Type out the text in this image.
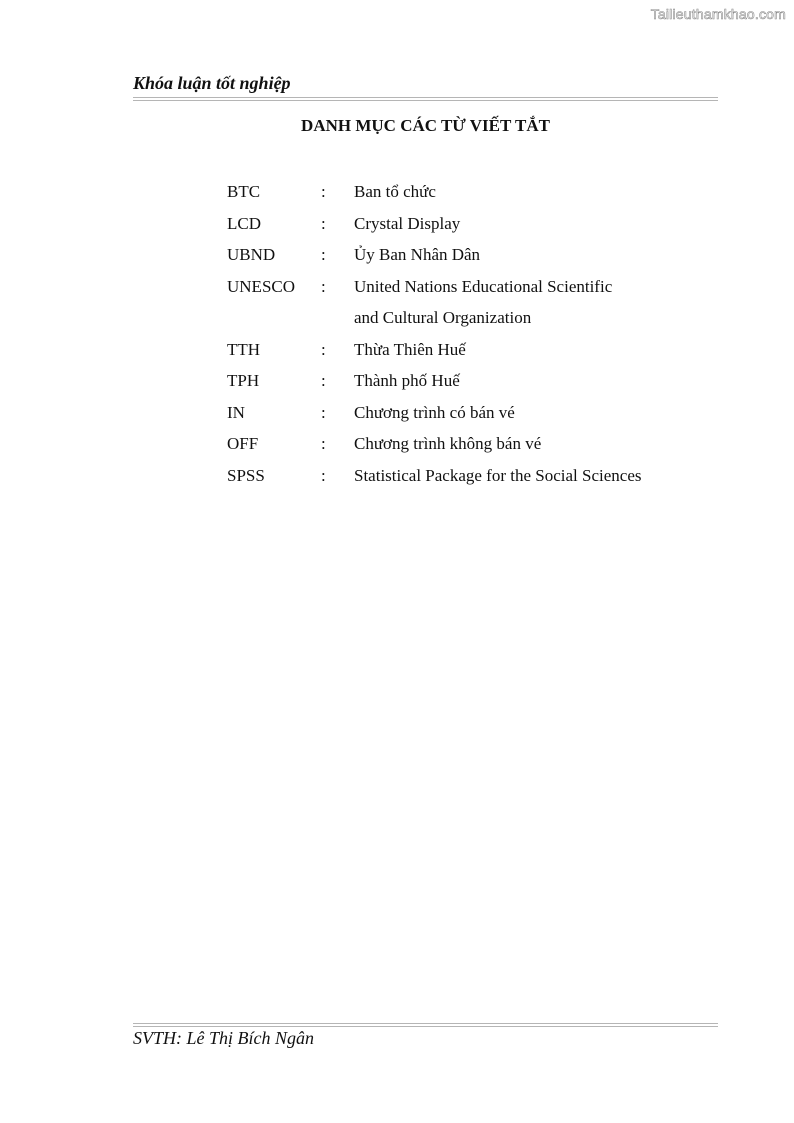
Tailieuthamkhao.com
Khóa luận tốt nghiệp
DANH MỤC CÁC TỪ VIẾT TẮT
BTC	: Ban tổ chức
LCD	: Crystal Display
UBND	: Ủy Ban Nhân Dân
UNESCO : United Nations Educational Scientific
and Cultural Organization
TTH	: Thừa Thiên Huế
TPH	: Thành phố Huế
IN	: Chương trình có bán vé
OFF	: Chương trình không bán vé
SPSS	: Statistical Package for the Social Sciences
SVTH: Lê Thị Bích Ngân
